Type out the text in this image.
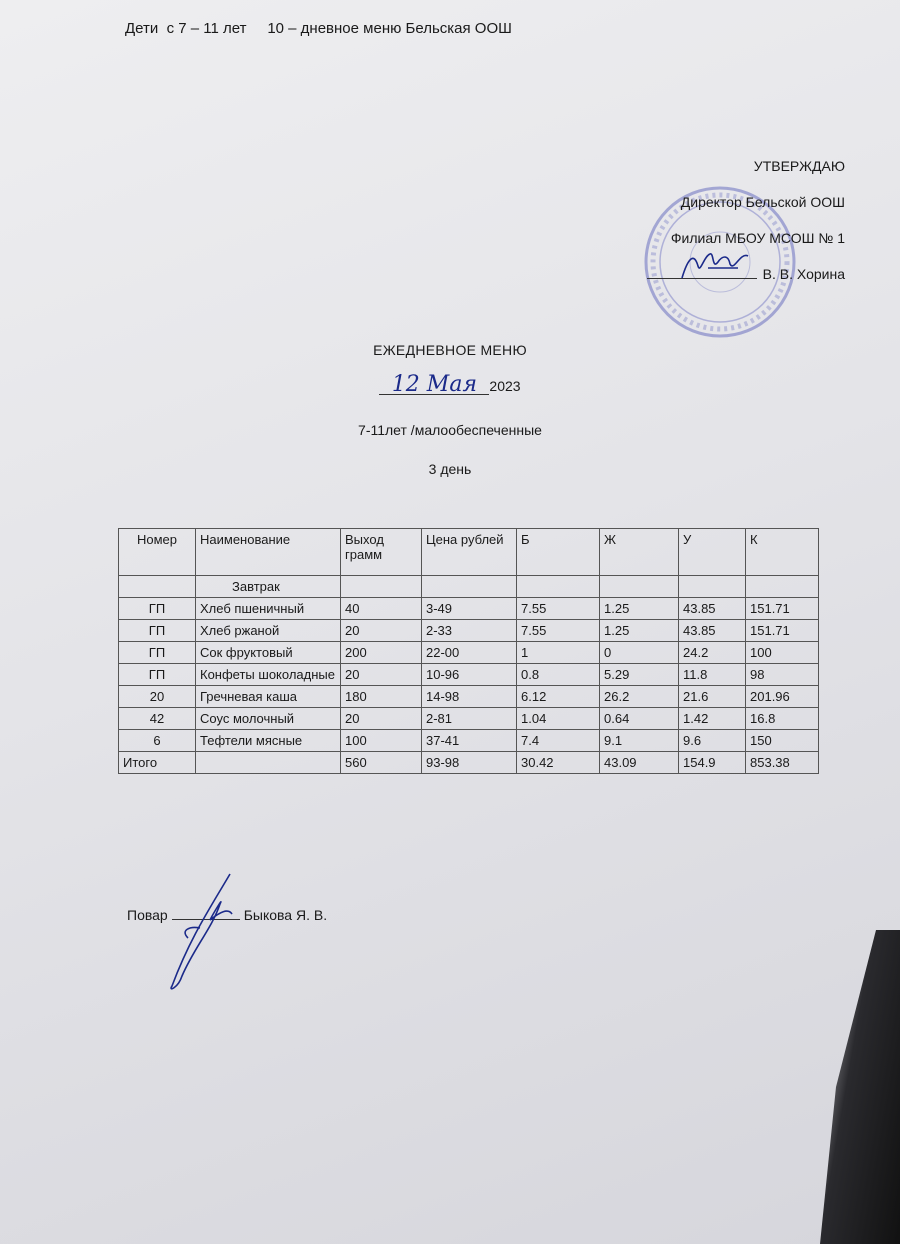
Дети  с 7 – 11 лет     10 – дневное меню Бельская ООШ
УТВЕРЖДАЮ
Директор Бельской ООШ
Филиал МБОУ МСОШ № 1
В. В. Хорина
ЕЖЕДНЕВНОЕ МЕНЮ
12 Мая 2023
7-11лет /малообеспеченные
3 день
Номер	Наименование	Выход грамм	Цена рублей	Б	Ж	У	К
	Завтрак						
ГП	Хлеб пшеничный	40	3-49	7.55	1.25	43.85	151.71
ГП	Хлеб ржаной	20	2-33	7.55	1.25	43.85	151.71
ГП	Сок фруктовый	200	22-00	1	0	24.2	100
ГП	Конфеты шоколадные	20	10-96	0.8	5.29	11.8	98
20	Гречневая каша	180	14-98	6.12	26.2	21.6	201.96
42	Соус молочный	20	2-81	1.04	0.64	1.42	16.8
6	Тефтели мясные	100	37-41	7.4	9.1	9.6	150
Итого		560	93-98	30.42	43.09	154.9	853.38
Повар	Быкова Я. В.
